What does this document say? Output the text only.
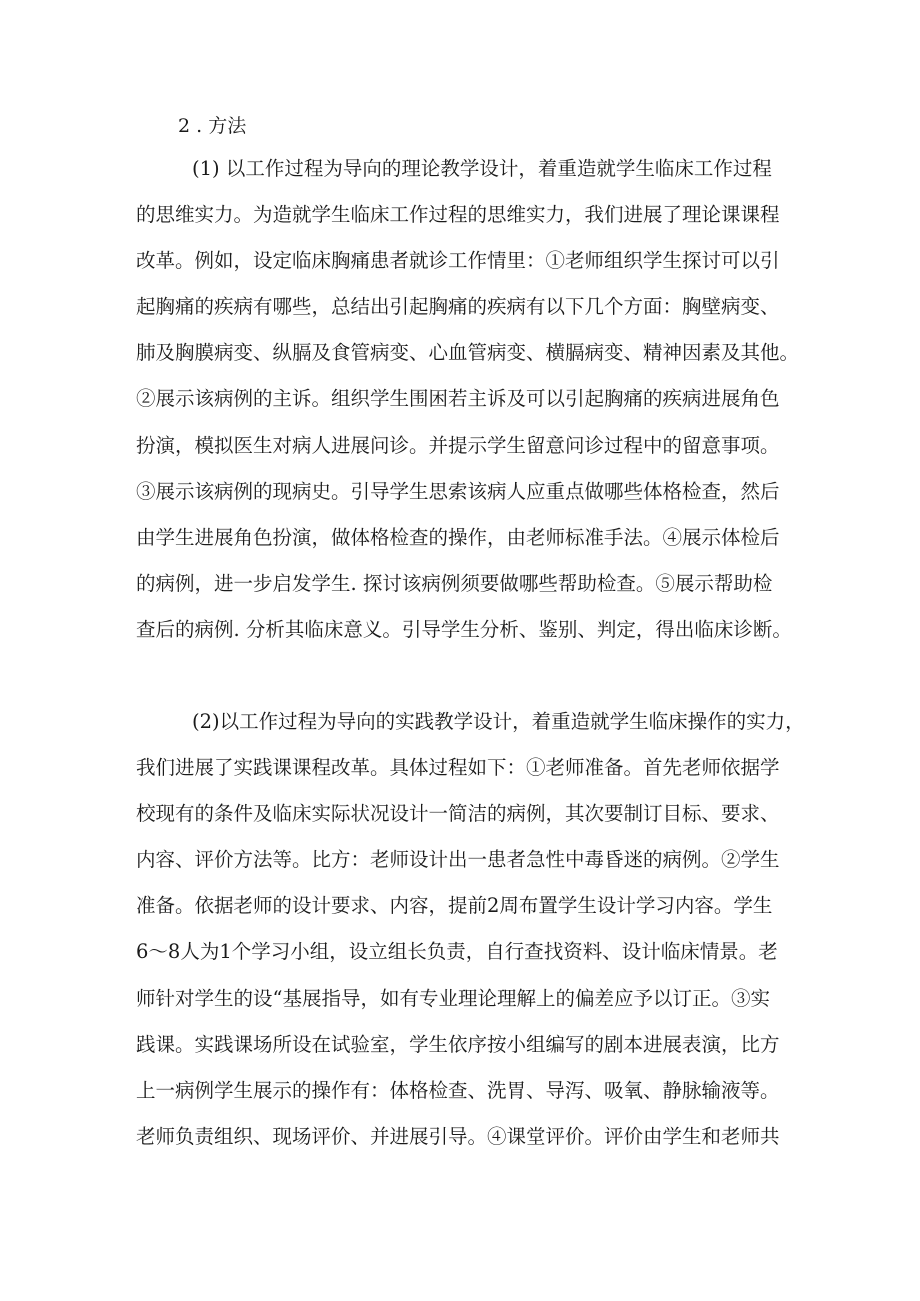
2 . 方法
(1) 以工作过程为导向的理论教学设计，着重造就学生临床工作过程
的思维实力。为造就学生临床工作过程的思维实力，我们进展了理论课课程
改革。例如，设定临床胸痛患者就诊工作情里：①老师组织学生探讨可以引
起胸痛的疾病有哪些，总结出引起胸痛的疾病有以下几个方面：胸壁病变、
肺及胸膜病变、纵膈及食管病变、心血管病变、横膈病变、精神因素及其他。
②展示该病例的主诉。组织学生围困若主诉及可以引起胸痛的疾病进展角色
扮演，模拟医生对病人进展问诊。并提示学生留意问诊过程中的留意事项。
③展示该病例的现病史。引导学生思索该病人应重点做哪些体格检查，然后
由学生进展角色扮演，做体格检查的操作，由老师标准手法。④展示体检后
的病例，进一步启发学生. 探讨该病例须要做哪些帮助检查。⑤展示帮助检
查后的病例. 分析其临床意义。引导学生分析、鉴别、判定，得出临床诊断。
(2)以工作过程为导向的实践教学设计，着重造就学生临床操作的实力，
我们进展了实践课课程改革。具体过程如下：①老师准备。首先老师依据学
校现有的条件及临床实际状况设计一简洁的病例，其次要制订目标、要求、
内容、评价方法等。比方：老师设计出一患者急性中毒昏迷的病例。②学生
准备。依据老师的设计要求、内容，提前2周布置学生设计学习内容。学生
6～8人为1个学习小组，设立组长负责，自行查找资料、设计临床情景。老
师针对学生的设“基展指导，如有专业理论理解上的偏差应予以订正。③实
践课。实践课场所设在试验室，学生依序按小组编写的剧本进展表演，比方
上一病例学生展示的操作有：体格检查、洗胃、导泻、吸氧、静脉输液等。
老师负责组织、现场评价、并进展引导。④课堂评价。评价由学生和老师共
